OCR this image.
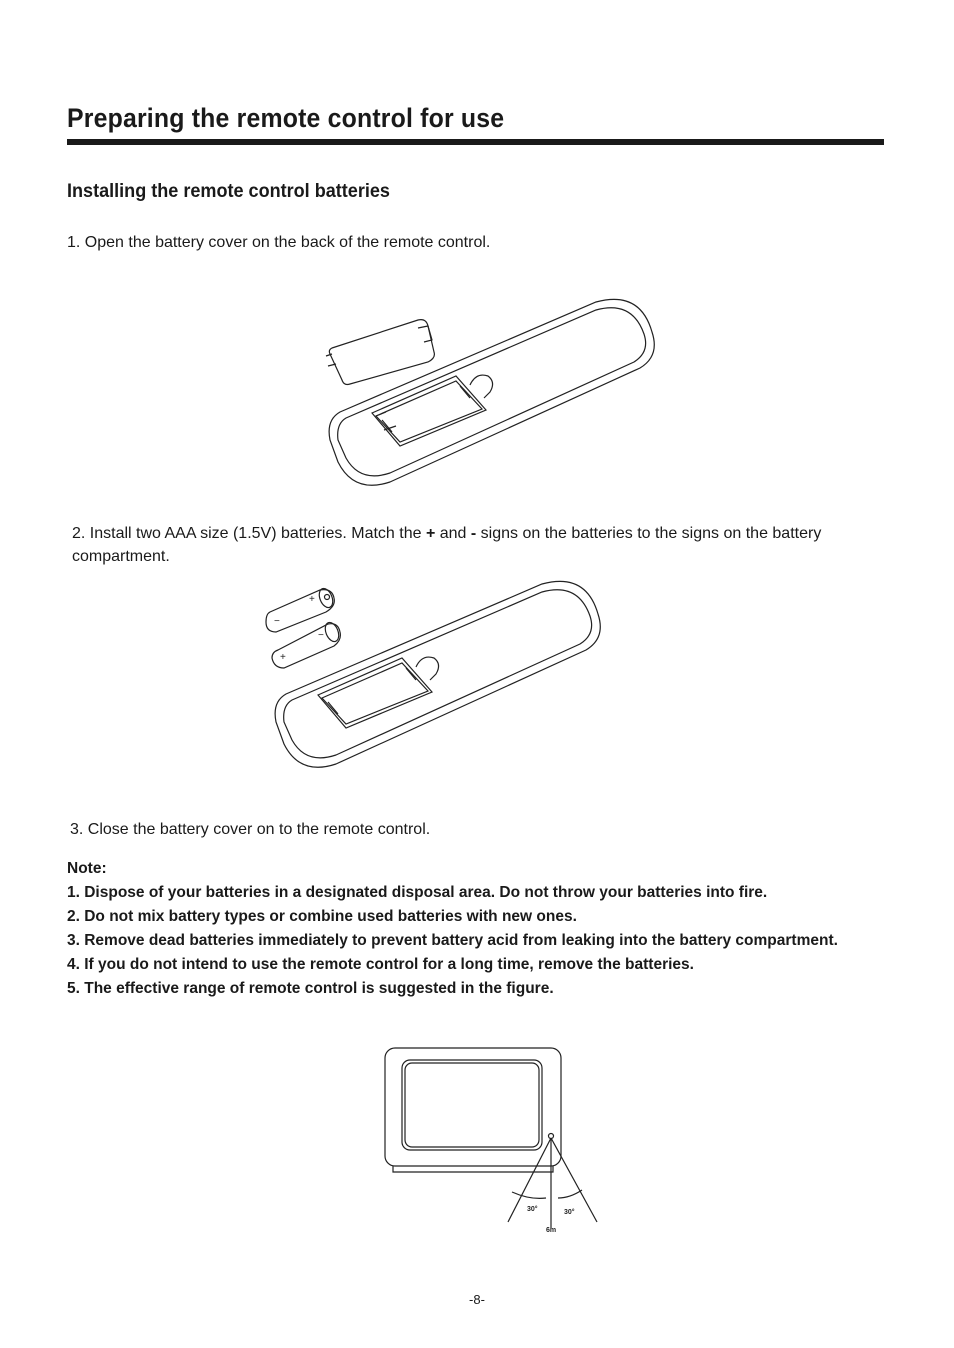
Preparing the remote control for use
Installing the remote control batteries
1. Open the battery cover on the back of the remote control.
2. Install two AAA size (1.5V) batteries. Match the + and - signs on the batteries to the signs on the battery compartment.
+
−
+
−
3. Close the battery cover on to the remote control.
Note:
1. Dispose of your batteries in a designated disposal area. Do not throw your batteries into fire.
2. Do not mix battery types or combine used batteries with new ones.
3. Remove dead batteries immediately to prevent battery acid from leaking into the battery compartment.
4. If you do not intend to use the remote control for a long time, remove the batteries.
5. The effective range of remote control is suggested in the figure.
30°	30°
6m
-8-
